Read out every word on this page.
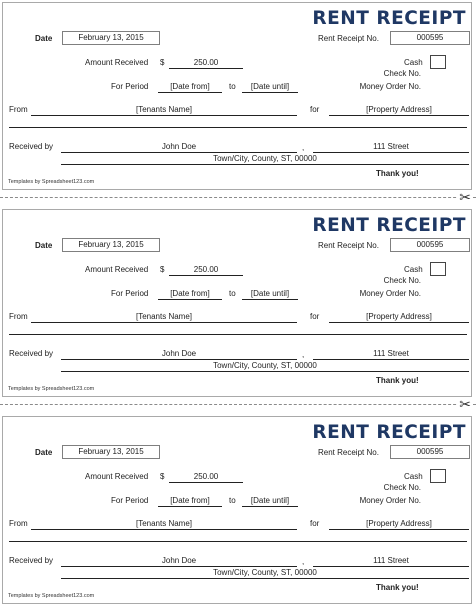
RENT RECEIPT
Date	February 13, 2015	Rent Receipt No.	000595
Amount Received $	250.00	Cash
Check No.
Money Order No.
For Period	[Date from]	to	[Date until]
From	[Tenants Name]	for	[Property Address]
Received by	John Doe	,	111 Street
Town/City, County, ST, 00000
Thank you!
Templates by Spreadsheet123.com
RENT RECEIPT
Date	February 13, 2015	Rent Receipt No.	000595
Amount Received $	250.00	Cash
Check No.
Money Order No.
For Period	[Date from]	to	[Date until]
From	[Tenants Name]	for	[Property Address]
Received by	John Doe	,	111 Street
Town/City, County, ST, 00000
Thank you!
Templates by Spreadsheet123.com
RENT RECEIPT
Date	February 13, 2015	Rent Receipt No.	000595
Amount Received $	250.00	Cash
Check No.
Money Order No.
For Period	[Date from]	to	[Date until]
From	[Tenants Name]	for	[Property Address]
Received by	John Doe	,	111 Street
Town/City, County, ST, 00000
Thank you!
Templates by Spreadsheet123.com
✂
✂
